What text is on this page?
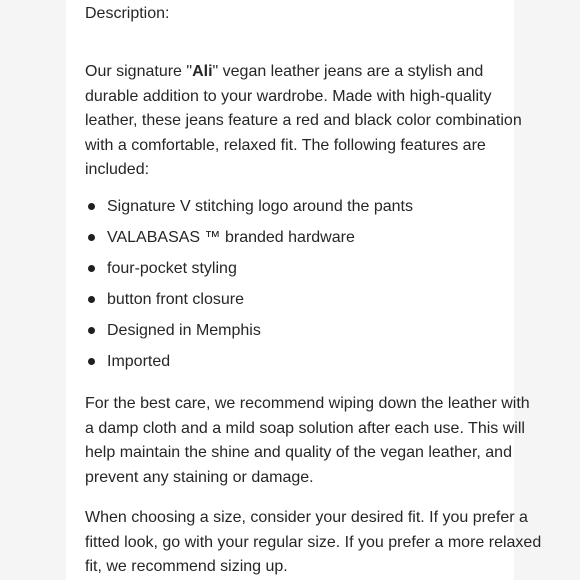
Description:
Our signature "Ali" vegan leather jeans are a stylish and durable addition to your wardrobe. Made with high-quality leather, these jeans feature a red and black color combination with a comfortable, relaxed fit. The following features are included:
Signature V stitching logo around the pants
VALABASAS ™ branded hardware
four-pocket styling
button front closure
Designed in Memphis
Imported
For the best care, we recommend wiping down the leather with a damp cloth and a mild soap solution after each use. This will help maintain the shine and quality of the vegan leather, and prevent any staining or damage.
When choosing a size, consider your desired fit. If you prefer a fitted look, go with your regular size. If you prefer a more relaxed fit, we recommend sizing up.
